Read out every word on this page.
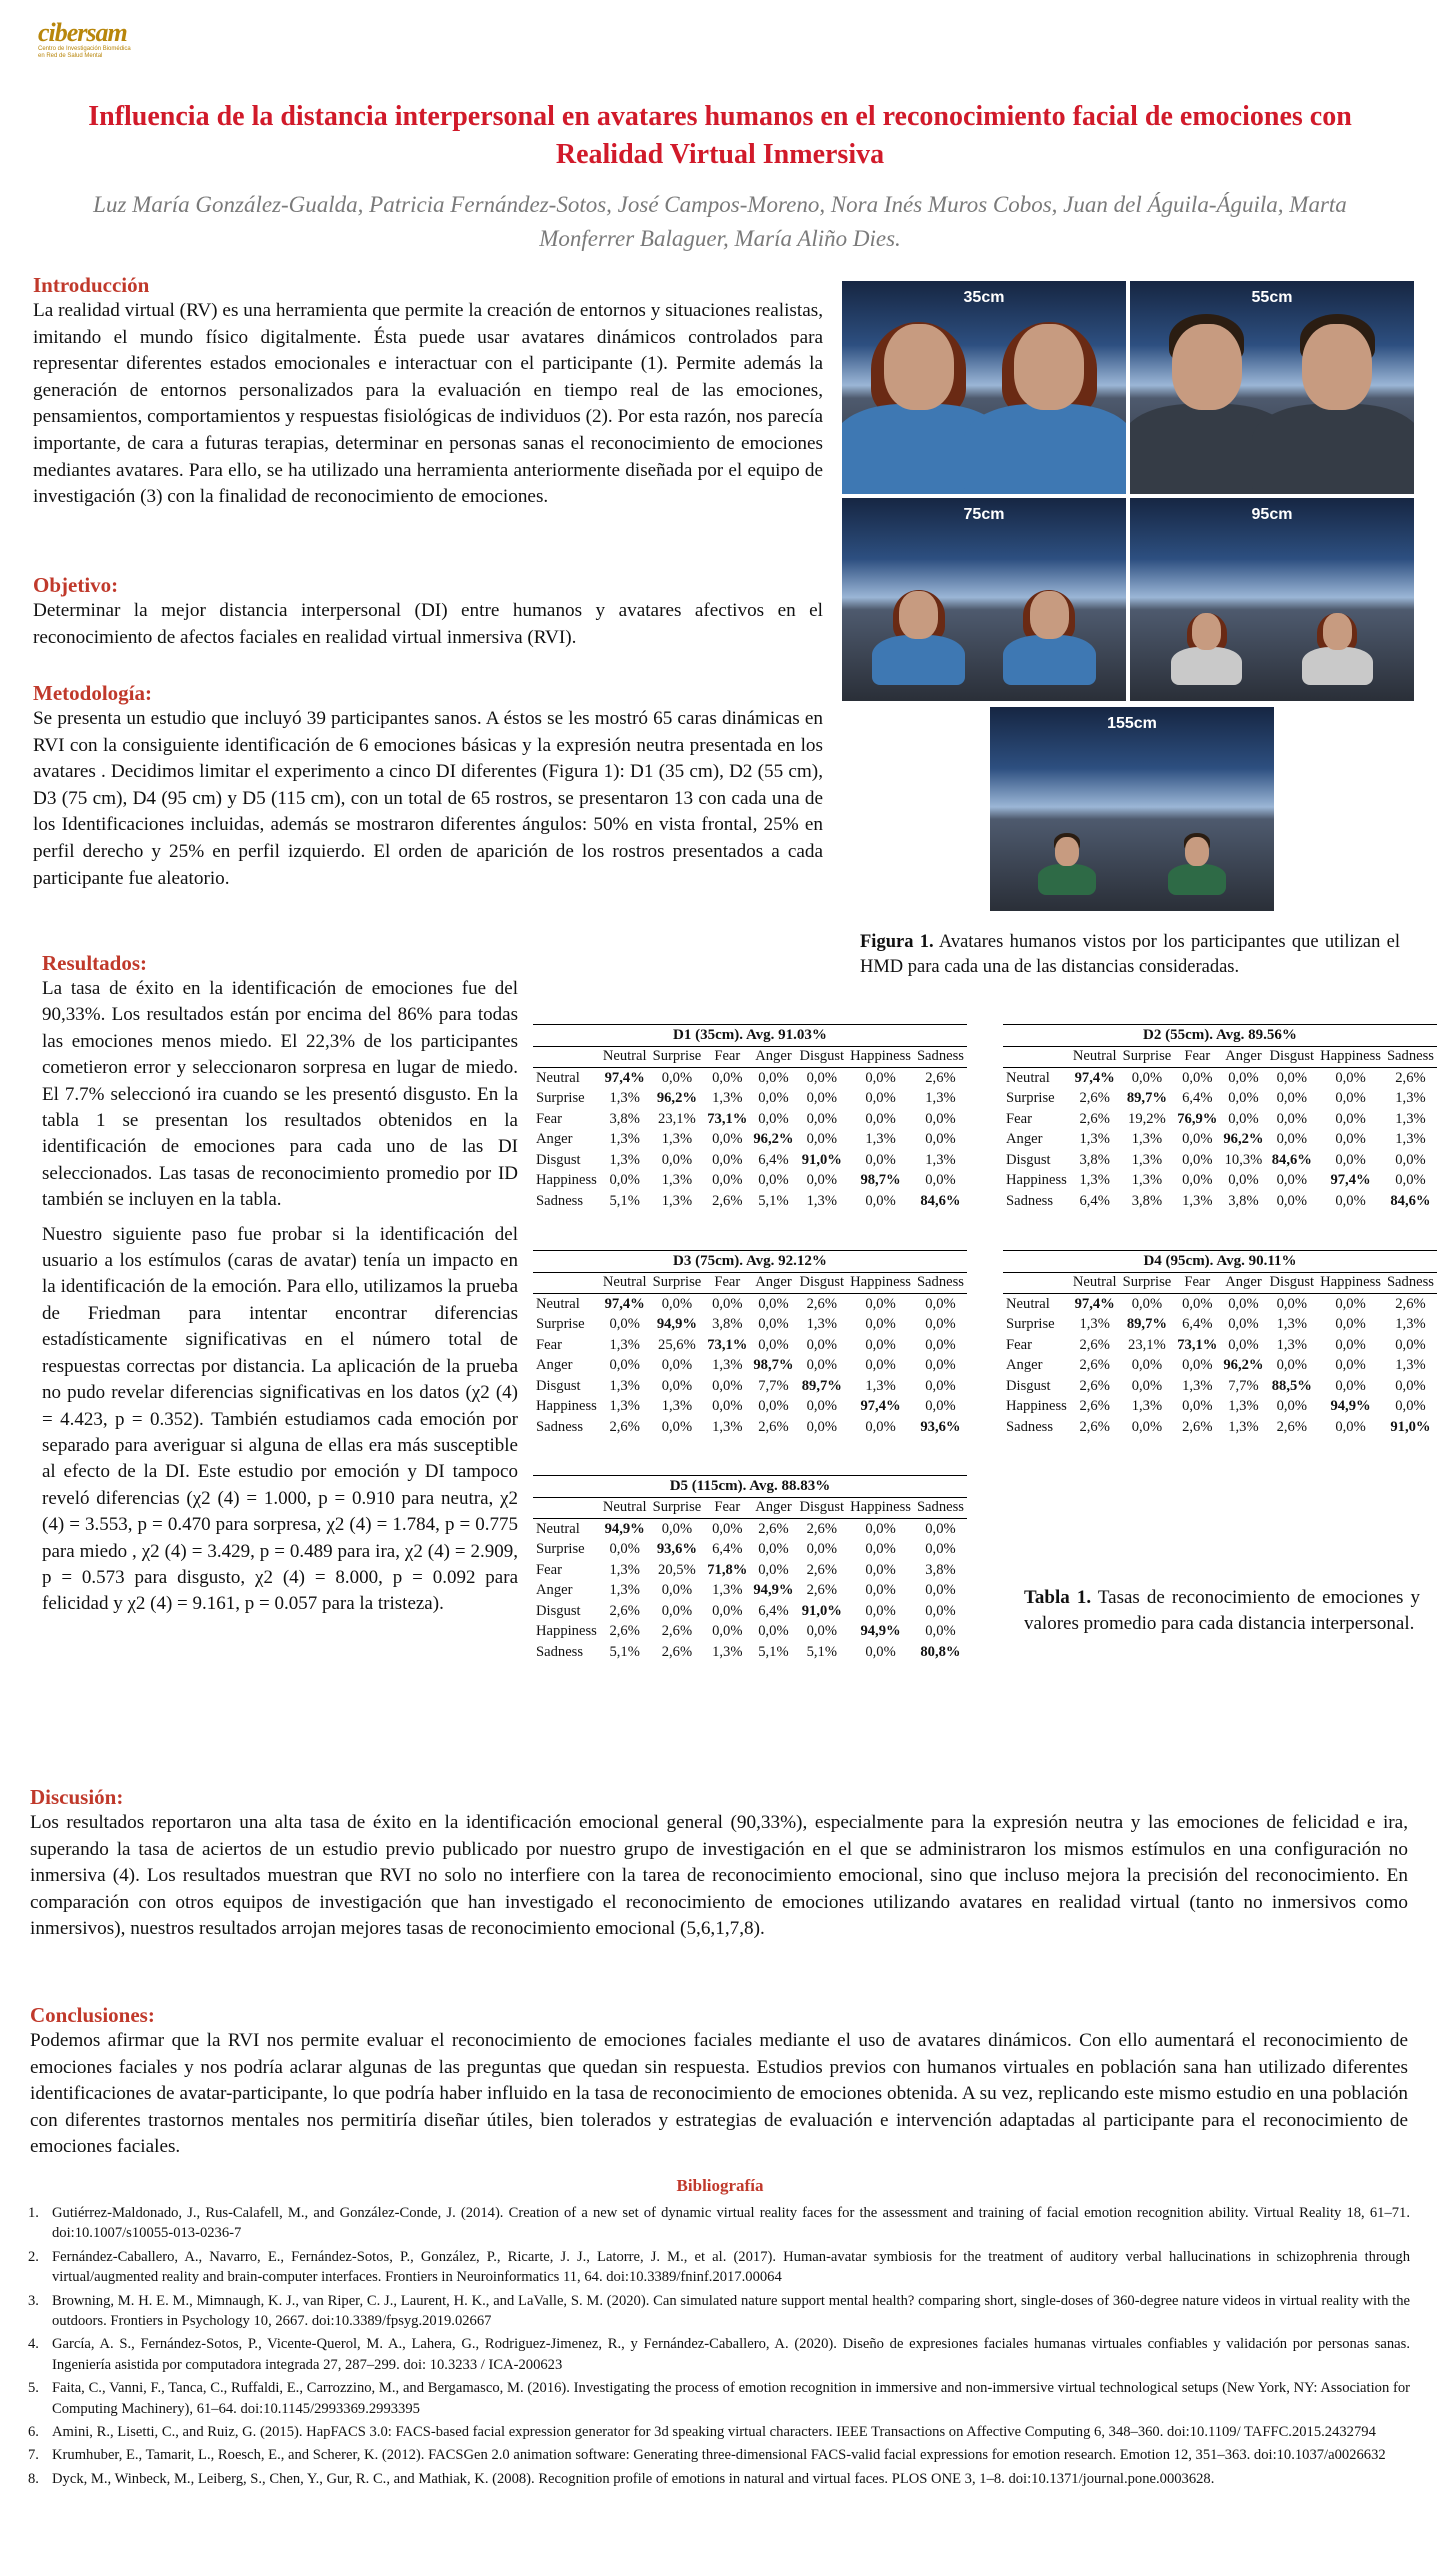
cibersam
Centro de Investigación Biomédica en Red de Salud Mental
Influencia de la distancia interpersonal en avatares humanos en el reconocimiento facial de emociones con Realidad Virtual Inmersiva
Luz María González-Gualda, Patricia Fernández-Sotos, José Campos-Moreno, Nora Inés Muros Cobos, Juan del Águila-Águila, Marta Monferrer Balaguer, María Aliño Dies.
Introducción
La realidad virtual (RV) es una herramienta que permite la creación de entornos y situaciones realistas, imitando el mundo físico digitalmente. Ésta puede usar avatares dinámicos controlados para representar diferentes estados emocionales e interactuar con el participante (1). Permite además la generación de entornos personalizados para la evaluación en tiempo real de las emociones, pensamientos, comportamientos y respuestas fisiológicas de individuos (2). Por esta razón, nos parecía importante, de cara a futuras terapias, determinar en personas sanas el reconocimiento de emociones mediantes avatares. Para ello, se ha utilizado una herramienta anteriormente diseñada por el equipo de investigación (3) con la finalidad de reconocimiento de emociones.
Objetivo:
Determinar la mejor distancia interpersonal (DI) entre humanos y avatares afectivos en el reconocimiento de afectos faciales en realidad virtual inmersiva (RVI).
Metodología:
Se presenta un estudio que incluyó 39 participantes sanos. A éstos se les mostró 65 caras dinámicas en RVI con la consiguiente identificación de 6 emociones básicas y la expresión neutra presentada en los avatares . Decidimos limitar el experimento a cinco DI diferentes (Figura 1): D1 (35 cm), D2 (55 cm), D3 (75 cm), D4 (95 cm) y D5 (115 cm), con un total de 65 rostros, se presentaron 13 con cada una de los Identificaciones incluidas, además se mostraron diferentes ángulos: 50% en vista frontal, 25% en perfil derecho y 25% en perfil izquierdo. El orden de aparición de los rostros presentados a cada participante fue aleatorio.
35cm	55cm
75cm	95cm
155cm
Figura 1. Avatares humanos vistos por los participantes que utilizan el HMD para cada una de las distancias consideradas.
Resultados:
La tasa de éxito en la identificación de emociones fue del 90,33%. Los resultados están por encima del 86% para todas las emociones menos miedo. El 22,3% de los participantes cometieron error y seleccionaron sorpresa en lugar de miedo. El 7.7% seleccionó ira cuando se les presentó disgusto. En la tabla 1 se presentan los resultados obtenidos en la identificación de emociones para cada uno de las DI seleccionados. Las tasas de reconocimiento promedio por ID también se incluyen en la tabla.
Nuestro siguiente paso fue probar si la identificación del usuario a los estímulos (caras de avatar) tenía un impacto en la identificación de la emoción. Para ello, utilizamos la prueba de Friedman para intentar encontrar diferencias estadísticamente significativas en el número total de respuestas correctas por distancia. La aplicación de la prueba no pudo revelar diferencias significativas en los datos (χ2 (4) = 4.423, p = 0.352). También estudiamos cada emoción por separado para averiguar si alguna de ellas era más susceptible al efecto de la DI. Este estudio por emoción y DI tampoco reveló diferencias (χ2 (4) = 1.000, p = 0.910 para neutra, χ2 (4) = 3.553, p = 0.470 para sorpresa, χ2 (4) = 1.784, p = 0.775 para miedo , χ2 (4) = 3.429, p = 0.489 para ira, χ2 (4) = 2.909, p = 0.573 para disgusto, χ2 (4) = 8.000, p = 0.092 para felicidad y χ2 (4) = 9.161, p = 0.057 para la tristeza).
D1 (35cm). Avg. 91.03%							
	Neutral	Surprise	Fear	Anger	Disgust	Happiness	Sadness
Neutral	97,4%	0,0%	0,0%	0,0%	0,0%	0,0%	2,6%
Surprise	1,3%	96,2%	1,3%	0,0%	0,0%	0,0%	1,3%
Fear	3,8%	23,1%	73,1%	0,0%	0,0%	0,0%	0,0%
Anger	1,3%	1,3%	0,0%	96,2%	0,0%	1,3%	0,0%
Disgust	1,3%	0,0%	0,0%	6,4%	91,0%	0,0%	1,3%
Happiness	0,0%	1,3%	0,0%	0,0%	0,0%	98,7%	0,0%
Sadness	5,1%	1,3%	2,6%	5,1%	1,3%	0,0%	84,6%
D2 (55cm). Avg. 89.56%							
	Neutral	Surprise	Fear	Anger	Disgust	Happiness	Sadness
Neutral	97,4%	0,0%	0,0%	0,0%	0,0%	0,0%	2,6%
Surprise	2,6%	89,7%	6,4%	0,0%	0,0%	0,0%	1,3%
Fear	2,6%	19,2%	76,9%	0,0%	0,0%	0,0%	1,3%
Anger	1,3%	1,3%	0,0%	96,2%	0,0%	0,0%	1,3%
Disgust	3,8%	1,3%	0,0%	10,3%	84,6%	0,0%	0,0%
Happiness	1,3%	1,3%	0,0%	0,0%	0,0%	97,4%	0,0%
Sadness	6,4%	3,8%	1,3%	3,8%	0,0%	0,0%	84,6%
D3 (75cm). Avg. 92.12%							
	Neutral	Surprise	Fear	Anger	Disgust	Happiness	Sadness
Neutral	97,4%	0,0%	0,0%	0,0%	2,6%	0,0%	0,0%
Surprise	0,0%	94,9%	3,8%	0,0%	1,3%	0,0%	0,0%
Fear	1,3%	25,6%	73,1%	0,0%	0,0%	0,0%	0,0%
Anger	0,0%	0,0%	1,3%	98,7%	0,0%	0,0%	0,0%
Disgust	1,3%	0,0%	0,0%	7,7%	89,7%	1,3%	0,0%
Happiness	1,3%	1,3%	0,0%	0,0%	0,0%	97,4%	0,0%
Sadness	2,6%	0,0%	1,3%	2,6%	0,0%	0,0%	93,6%
D4 (95cm). Avg. 90.11%							
	Neutral	Surprise	Fear	Anger	Disgust	Happiness	Sadness
Neutral	97,4%	0,0%	0,0%	0,0%	0,0%	0,0%	2,6%
Surprise	1,3%	89,7%	6,4%	0,0%	1,3%	0,0%	1,3%
Fear	2,6%	23,1%	73,1%	0,0%	1,3%	0,0%	0,0%
Anger	2,6%	0,0%	0,0%	96,2%	0,0%	0,0%	1,3%
Disgust	2,6%	0,0%	1,3%	7,7%	88,5%	0,0%	0,0%
Happiness	2,6%	1,3%	0,0%	1,3%	0,0%	94,9%	0,0%
Sadness	2,6%	0,0%	2,6%	1,3%	2,6%	0,0%	91,0%
D5 (115cm). Avg. 88.83%							
	Neutral	Surprise	Fear	Anger	Disgust	Happiness	Sadness
Neutral	94,9%	0,0%	0,0%	2,6%	2,6%	0,0%	0,0%
Surprise	0,0%	93,6%	6,4%	0,0%	0,0%	0,0%	0,0%
Fear	1,3%	20,5%	71,8%	0,0%	2,6%	0,0%	3,8%
Anger	1,3%	0,0%	1,3%	94,9%	2,6%	0,0%	0,0%
Disgust	2,6%	0,0%	0,0%	6,4%	91,0%	0,0%	0,0%
Happiness	2,6%	2,6%	0,0%	0,0%	0,0%	94,9%	0,0%
Sadness	5,1%	2,6%	1,3%	5,1%	5,1%	0,0%	80,8%
Tabla 1. Tasas de reconocimiento de emociones y valores promedio para cada distancia interpersonal.
Discusión:
Los resultados reportaron una alta tasa de éxito en la identificación emocional general (90,33%), especialmente para la expresión neutra y las emociones de felicidad e ira, superando la tasa de aciertos de un estudio previo publicado por nuestro grupo de investigación en el que se administraron los mismos estímulos en una configuración no inmersiva (4). Los resultados muestran que RVI no solo no interfiere con la tarea de reconocimiento emocional, sino que incluso mejora la precisión del reconocimiento. En comparación con otros equipos de investigación que han investigado el reconocimiento de emociones utilizando avatares en realidad virtual (tanto no inmersivos como inmersivos), nuestros resultados arrojan mejores tasas de reconocimiento emocional (5,6,1,7,8).
Conclusiones:
Podemos afirmar que la RVI nos permite evaluar el reconocimiento de emociones faciales mediante el uso de avatares dinámicos. Con ello aumentará el reconocimiento de emociones faciales y nos podría aclarar algunas de las preguntas que quedan sin respuesta. Estudios previos con humanos virtuales en población sana han utilizado diferentes identificaciones de avatar-participante, lo que podría haber influido en la tasa de reconocimiento de emociones obtenida. A su vez, replicando este mismo estudio en una población con diferentes trastornos mentales nos permitiría diseñar útiles, bien tolerados y estrategias de evaluación e intervención adaptadas al participante para el reconocimiento de emociones faciales.
Bibliografía
1. Gutiérrez-Maldonado, J., Rus-Calafell, M., and González-Conde, J. (2014). Creation of a new set of dynamic virtual reality faces for the assessment and training of facial emotion recognition ability. Virtual Reality 18, 61–71. doi:10.1007/s10055-013-0236-7
2. Fernández-Caballero, A., Navarro, E., Fernández-Sotos, P., González, P., Ricarte, J. J., Latorre, J. M., et al. (2017). Human-avatar symbiosis for the treatment of auditory verbal hallucinations in schizophrenia through virtual/augmented reality and brain-computer interfaces. Frontiers in Neuroinformatics 11, 64. doi:10.3389/fninf.2017.00064
3. Browning, M. H. E. M., Mimnaugh, K. J., van Riper, C. J., Laurent, H. K., and LaValle, S. M. (2020). Can simulated nature support mental health? comparing short, single-doses of 360-degree nature videos in virtual reality with the outdoors. Frontiers in Psychology 10, 2667. doi:10.3389/fpsyg.2019.02667
4. García, A. S., Fernández-Sotos, P., Vicente-Querol, M. A., Lahera, G., Rodriguez-Jimenez, R., y Fernández-Caballero, A. (2020). Diseño de expresiones faciales humanas virtuales confiables y validación por personas sanas. Ingeniería asistida por computadora integrada 27, 287–299. doi: 10.3233 / ICA-200623
5. Faita, C., Vanni, F., Tanca, C., Ruffaldi, E., Carrozzino, M., and Bergamasco, M. (2016). Investigating the process of emotion recognition in immersive and non-immersive virtual technological setups (New York, NY: Association for Computing Machinery), 61–64. doi:10.1145/2993369.2993395
6. Amini, R., Lisetti, C., and Ruiz, G. (2015). HapFACS 3.0: FACS-based facial expression generator for 3d speaking virtual characters. IEEE Transactions on Affective Computing 6, 348–360. doi:10.1109/ TAFFC.2015.2432794
7. Krumhuber, E., Tamarit, L., Roesch, E., and Scherer, K. (2012). FACSGen 2.0 animation software: Generating three-dimensional FACS-valid facial expressions for emotion research. Emotion 12, 351–363. doi:10.1037/a0026632
8. Dyck, M., Winbeck, M., Leiberg, S., Chen, Y., Gur, R. C., and Mathiak, K. (2008). Recognition profile of emotions in natural and virtual faces. PLOS ONE 3, 1–8. doi:10.1371/journal.pone.0003628.
